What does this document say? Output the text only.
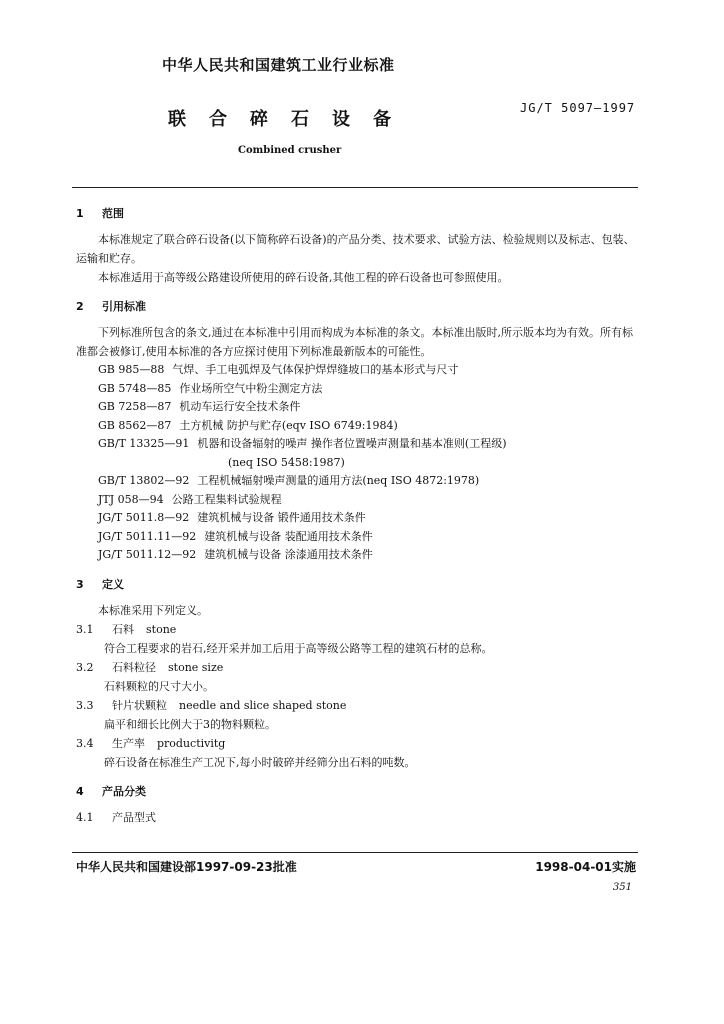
中华人民共和国建筑工业行业标准
联合碎石设备
JG/T 5097—1997
Combined crusher
1 范围

本标准规定了联合碎石设备(以下简称碎石设备)的产品分类、技术要求、试验方法、检验规则以及标志、包装、运输和贮存。

本标准适用于高等级公路建设所使用的碎石设备,其他工程的碎石设备也可参照使用。

2 引用标准

下列标准所包含的条文,通过在本标准中引用而构成为本标准的条文。本标准出版时,所示版本均为有效。所有标准都会被修订,使用本标准的各方应探讨使用下列标准最新版本的可能性。

GB 985—88 气焊、手工电弧焊及气体保护焊焊缝坡口的基本形式与尺寸
GB 5748—85 作业场所空气中粉尘测定方法
GB 7258—87 机动车运行安全技术条件
GB 8562—87 土方机械 防护与贮存(eqv ISO 6749:1984)
GB/T 13325—91 机器和设备辐射的噪声 操作者位置噪声测量和基本准则(工程级)
(neq ISO 5458:1987)
GB/T 13802—92 工程机械辐射噪声测量的通用方法(neq ISO 4872:1978)
JTJ 058—94 公路工程集料试验规程
JG/T 5011.8—92 建筑机械与设备 锻件通用技术条件
JG/T 5011.11—92 建筑机械与设备 装配通用技术条件
JG/T 5011.12—92 建筑机械与设备 涂漆通用技术条件
3 定义

本标准采用下列定义。

3.1	石料 stone
符合工程要求的岩石,经开采并加工后用于高等级公路等工程的建筑石材的总称。
3.2	石料粒径 stone size
石料颗粒的尺寸大小。
3.3	针片状颗粒 needle and slice shaped stone
扁平和细长比例大于3的物料颗粒。
3.4	生产率 productivitg
碎石设备在标准生产工况下,每小时破碎并经筛分出石料的吨数。
4 产品分类
4.1	产品型式
中华人民共和国建设部1997-09-23批准	1998-04-01实施
351
